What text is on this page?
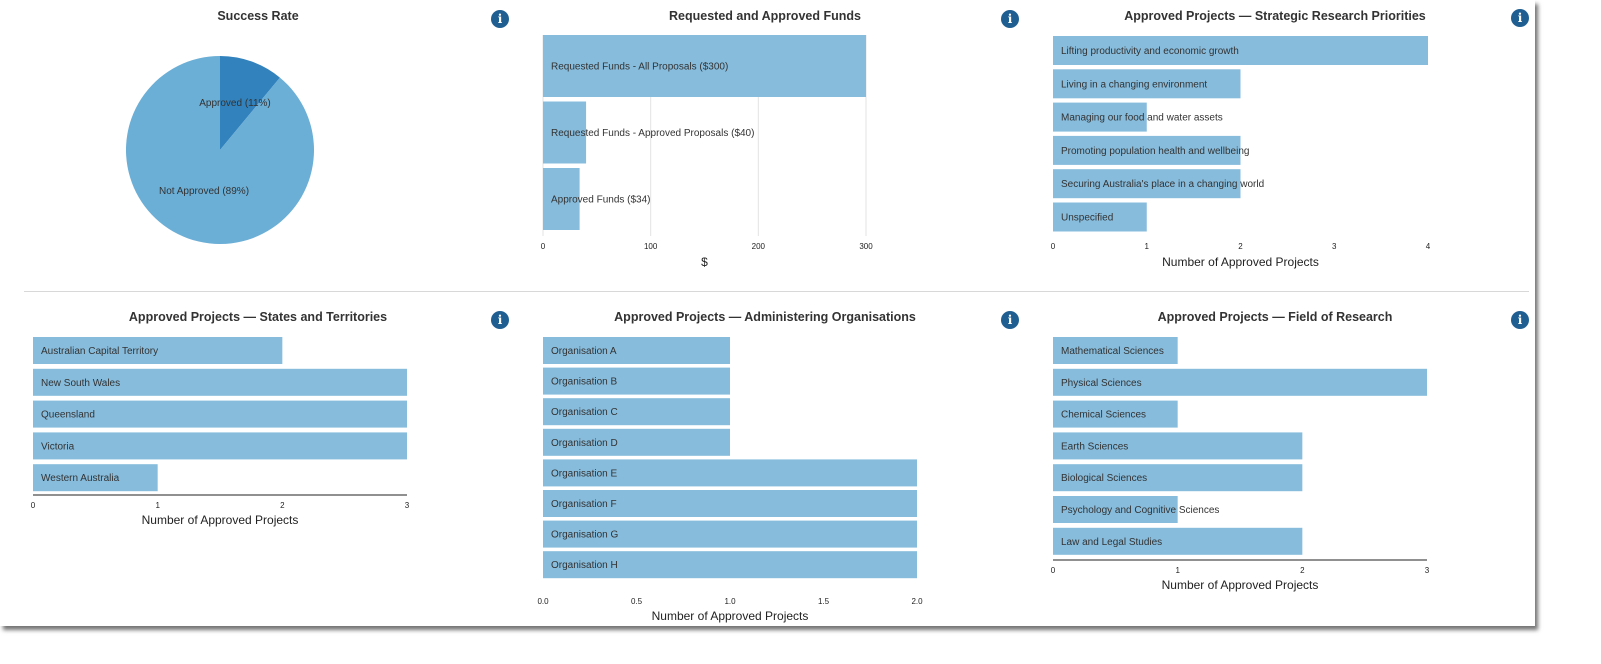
Success Rate
Approved (11%)
Not Approved (89%)
i	Requested and Approved Funds
Requested Funds - All Proposals ($300)
Requested Funds - Approved Proposals ($40)
Approved Funds ($34)
0	100	200	300
$
i	Approved Projects — Strategic Research Priorities
Lifting productivity and economic growth
Living in a changing environment
Managing our food and water assets
Promoting population health and wellbeing
Securing Australia's place in a changing world
Unspecified
0	1	2	3	4
Number of Approved Projects
i
Approved Projects — States and Territories
Australian Capital Territory
New South Wales
Queensland
Victoria
Western Australia
0	1	2	3
Number of Approved Projects
i	Approved Projects — Administering Organisations
Organisation A
Organisation B
Organisation C
Organisation D
Organisation E
Organisation F
Organisation G
Organisation H
0.0	0.5	1.0	1.5	2.0
Number of Approved Projects
i	Approved Projects — Field of Research
Mathematical Sciences
Physical Sciences
Chemical Sciences
Earth Sciences
Biological Sciences
Psychology and Cognitive Sciences
Law and Legal Studies
0	1	2	3
Number of Approved Projects
i
